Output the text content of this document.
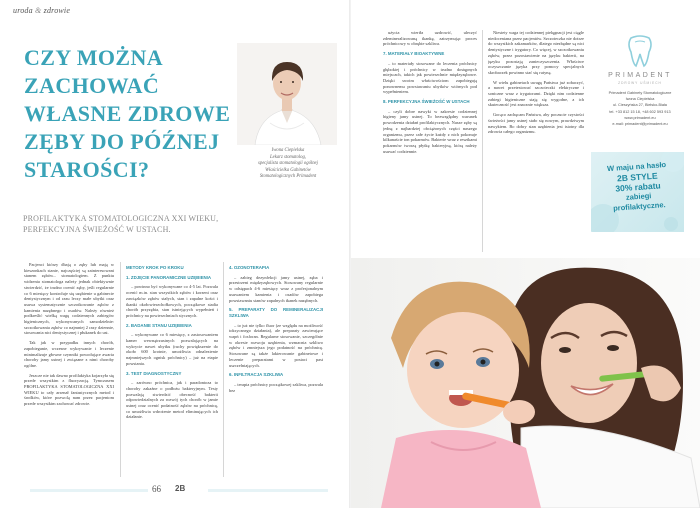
uroda & zdrowie
CZY MOŻNA
ZACHOWAĆ
WŁASNE ZDROWE
ZĘBY DO PÓŹNEJ
STAROŚCI?
Iwona Ciepielska
Lekarz stomatolog,
specjalista stomatologii ogólnej
Właścicielka Gabinetów
Stomatologicznych Primadent
PROFILAKTYKA STOMATOLOGICZNA XXI WIEKU,
PERFEKCYJNA ŚWIEŻOŚĆ W USTACH.

Pacjenci którzy dbają o zęby lub mają w kieszonkach stanie, najczęściej są zainteresowani stanem zębów... stomatologiem. Z punktu widzenia stomatologa należy jednak obiektywnie stwierdzić, że trudno ocenić zęby, jeśli regularnie co 6 miesięcy kontroluje się uzębienie u gabinecie dentystycznym i od razu leczy małe ubytki oraz usuwa systematycznie szczotkowanie zębów z kamienia nazębnego i osadów. Należy również podkreślić wielką wagę codziennych zabiegów higienicznych, wykonywanych samodzielnie: szczotkowania zębów co najmniej 2 razy dziennie, stosowania nici dentystycznej i płukanek do ust.

Tak jak w przypadku innych chorób, zapobieganie, wczesne wykrywanie i leczenie minimalizuje głowne czynniki powodujące awaria choroby jamy ustnej i związane z nimi choroby ogólne.

Jeszcze nie tak dawno profilaktyka kojarzyła się przede wszystkim z fluoryzacją. Tymczasem PROFILAKTYKA STOMATOLOGICZNA XXI WIEKU to cały arsenał fantastycznych metod i środków, które pozwolą nam przez pacjentom przede wszystkim zachować zdrowie.

METODY KROK PO KROKU

1. ZDJĘCIE PANORAMICZNE UZĘBIENIA

– powinno być wykonywane co 4-5 lat. Pozwala ocenić m.in. stan wszystkich zębów i korzeni oraz zawiązków zębów stałych, stan i zapalne kości i tkanki okołowierzchołkowych, początkowe stadia chorób przyzębia, stan istniejących wypełnień i próchnicy na powierzchniach stycznych.

2. BADANIE STANU UZĘBIENIA

– wykonywane co 6 miesięcy, z zastosowaniem kamer wewnątrzustnych pozwalających na wykrycie nawet ubytku (ruchy powiększenie do około 600 krotnie, umożliwia odnalezienie najmniejszych ognisk próchnicy) – już na etapie powstania.

3. TEST DIAGNOSTYCZNY

– zarówno próchnica, jak i paradontoza to choroby zakaźne o podłożu bakteryjnym. Testy pozwalają stwierdzić obecność bakterii odpowiedzialnych za rozwój tych chorób w jamie ustnej oraz ocenić podatność zębów na próchnicę, co umożliwia wdrożenie metod eliminujących ich działanie.

4. OZONOTERAPIA

– zabieg dezynfekcji jamy ustnej, zęba i przestrzeni międzyzębowych. Stosowany regularnie w odstępach 4-6 miesięcy wraz z profesjonalnym usuwaniem kamienia i osadów zapobiega powstawaniu stanów zapalnych tkanek nazębnych.

5. PREPARATY DO REMINERALIZACJI SZKLIWA

– to już nie tylko fluor (ze względu na możliwość toksycznego działania), ale preparaty zawierające wapń i fosforan. Regularne stosowanie, szczególnie w okresie rozwoju uzębienia, wzmacnia szkliwo zębów i zmniejsza jego podatność na próchnicę. Stosowane są także lakierowanie gabinetowe i leczenie preparatami w postaci past uszczelniających.

6. INFILTRACJA SZKLIWA

– terapia próchnicy początkowej szkliwa, pozwala bez

użycia wiertła uzdrowić, uleczyć zdemineralizowaną tkankę, zatrzymując proces próchnicowy w obrębie szkliwa.

7. MATERIAŁY BIOAKTYWNE

– to materiały stosowane do leczenia próchnicy głębokiej i próchnicy w trudno dostępnych miejscach, takich jak powierzchnie międzyzębowe. Dzięki swoim właściwościom zapobiegają ponownemu powstawaniu ubytków wtórnych pod wypełnieniem.

8. PERFEKCYJNA ŚWIEŻOŚĆ W USTACH

– czyli dobre nawyki w zakresie codziennej higieny jamy ustnej. To bezwzględny warunek powodzenia działań profilaktycznych. Nasze zęby są jedną z najbardziej obciążonych części naszego organizmu, przez całe życie każdy z nich pokonuje kilkanaście ton pokarmów. Bakterie wraz z resztkami pokarmów tworzą płytkę bakteryjną, którą należy usuwać codziennie.

Niestety waga tej codziennej pielęgnacji jest ciągle niedoceniana przez pacjentów. Szczoteczka nie dotrze do wszystkich zakamarków, dlatego niezbędne są nici dentystyczne i irygatory. Co więcej, w szczotkowaniu zębów, przez pozostawienie na języku bakterii, na języku pozostają zanieczyszczenia. Właściwe oczyszczanie języka przy pomocy specjalnych skrobaczek powinno stać się rutyną.

W wielu gabinetach uwagę Państwa już zobaczyć, a nawet przetestować szczoteczki elektryczne i soniczne wraz z irygatorami. Dzięki nim codzienne zabiegi higieniczne stają się wygodne, a ich skuteczność jest znacznie większa.

Gorąco zachęcam Państwa, aby poczucie czystości świeżości jamy ustnej stało się nowym, prawdziwym nawykiem. Bo dobry stan uzębienia jest istotny dla zdrowia całego organizmu.

PRIMADENT
ZDROWY UŚMIECH
Primadent Gabinety Stomatologiczne
Iwona Ciepielska
ul. Cieszyńska 27, Bielsko-Biała
tel. +33 812 15 18, +48 602 593 913
www.primadent.eu
e-mail: primadent@primadent.eu
W maju na hasło
2B STYLE
30% rabatu
zabiegi
profilaktyczne.
66 2B
